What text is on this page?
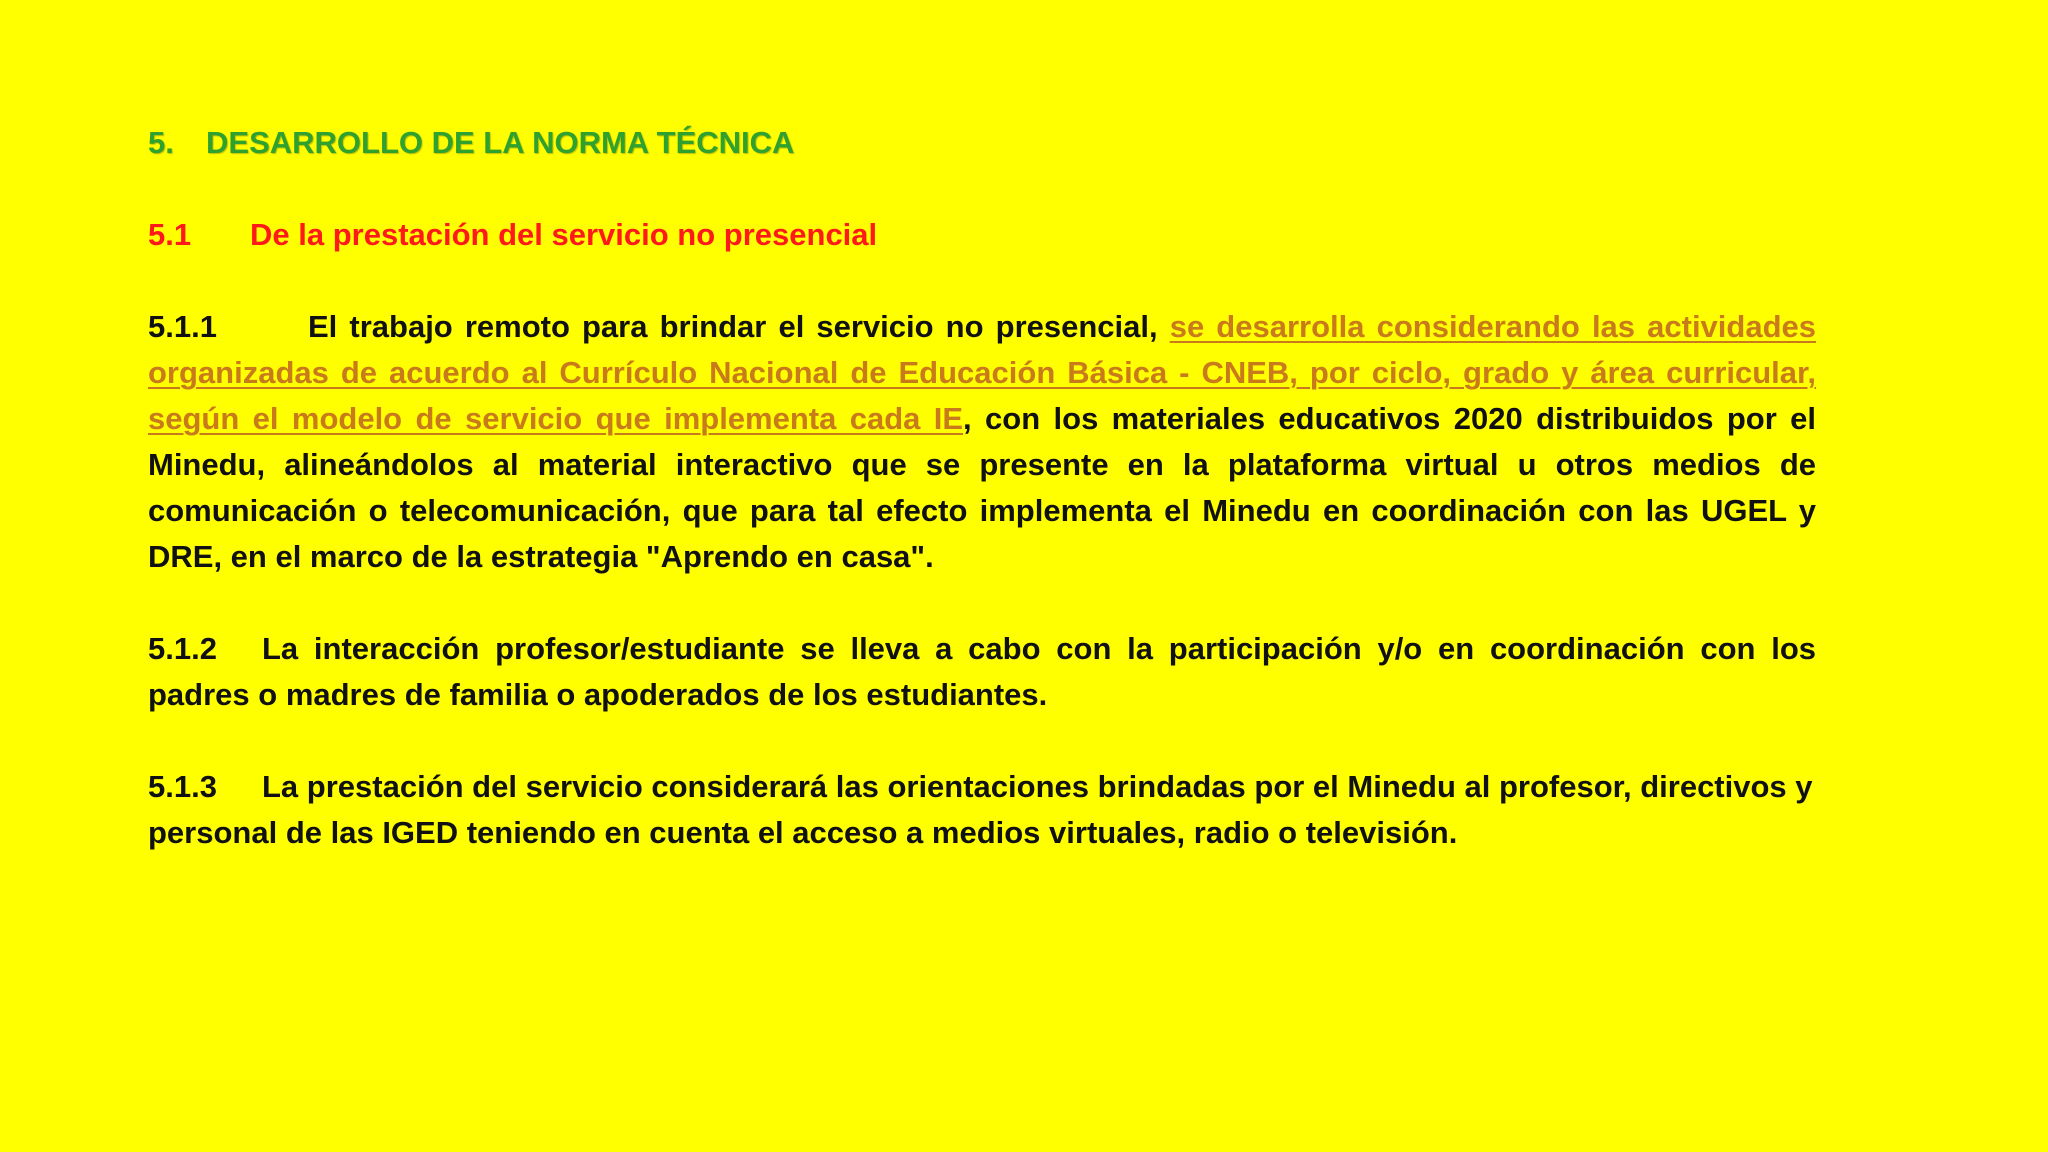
5. DESARROLLO DE LA NORMA TÉCNICA
5.1 De la prestación del servicio no presencial

5.1.1	El trabajo remoto para brindar el servicio no presencial, se desarrolla considerando las actividades organizadas de acuerdo al Currículo Nacional de Educación Básica - CNEB, por ciclo, grado y área curricular, según el modelo de servicio que implementa cada IE, con los materiales educativos 2020 distribuidos por el Minedu, alineándolos al material interactivo que se presente en la plataforma virtual u otros medios de comunicación o telecomunicación, que para tal efecto implementa el Minedu en coordinación con las UGEL y DRE, en el marco de la estrategia "Aprendo en casa".

5.1.2 La interacción profesor/estudiante se lleva a cabo con la participación y/o en coordinación con los padres o madres de familia o apoderados de los estudiantes.

5.1.3 La prestación del servicio considerará las orientaciones brindadas por el Minedu al profesor, directivos y personal de las IGED teniendo en cuenta el acceso a medios virtuales, radio o televisión.
